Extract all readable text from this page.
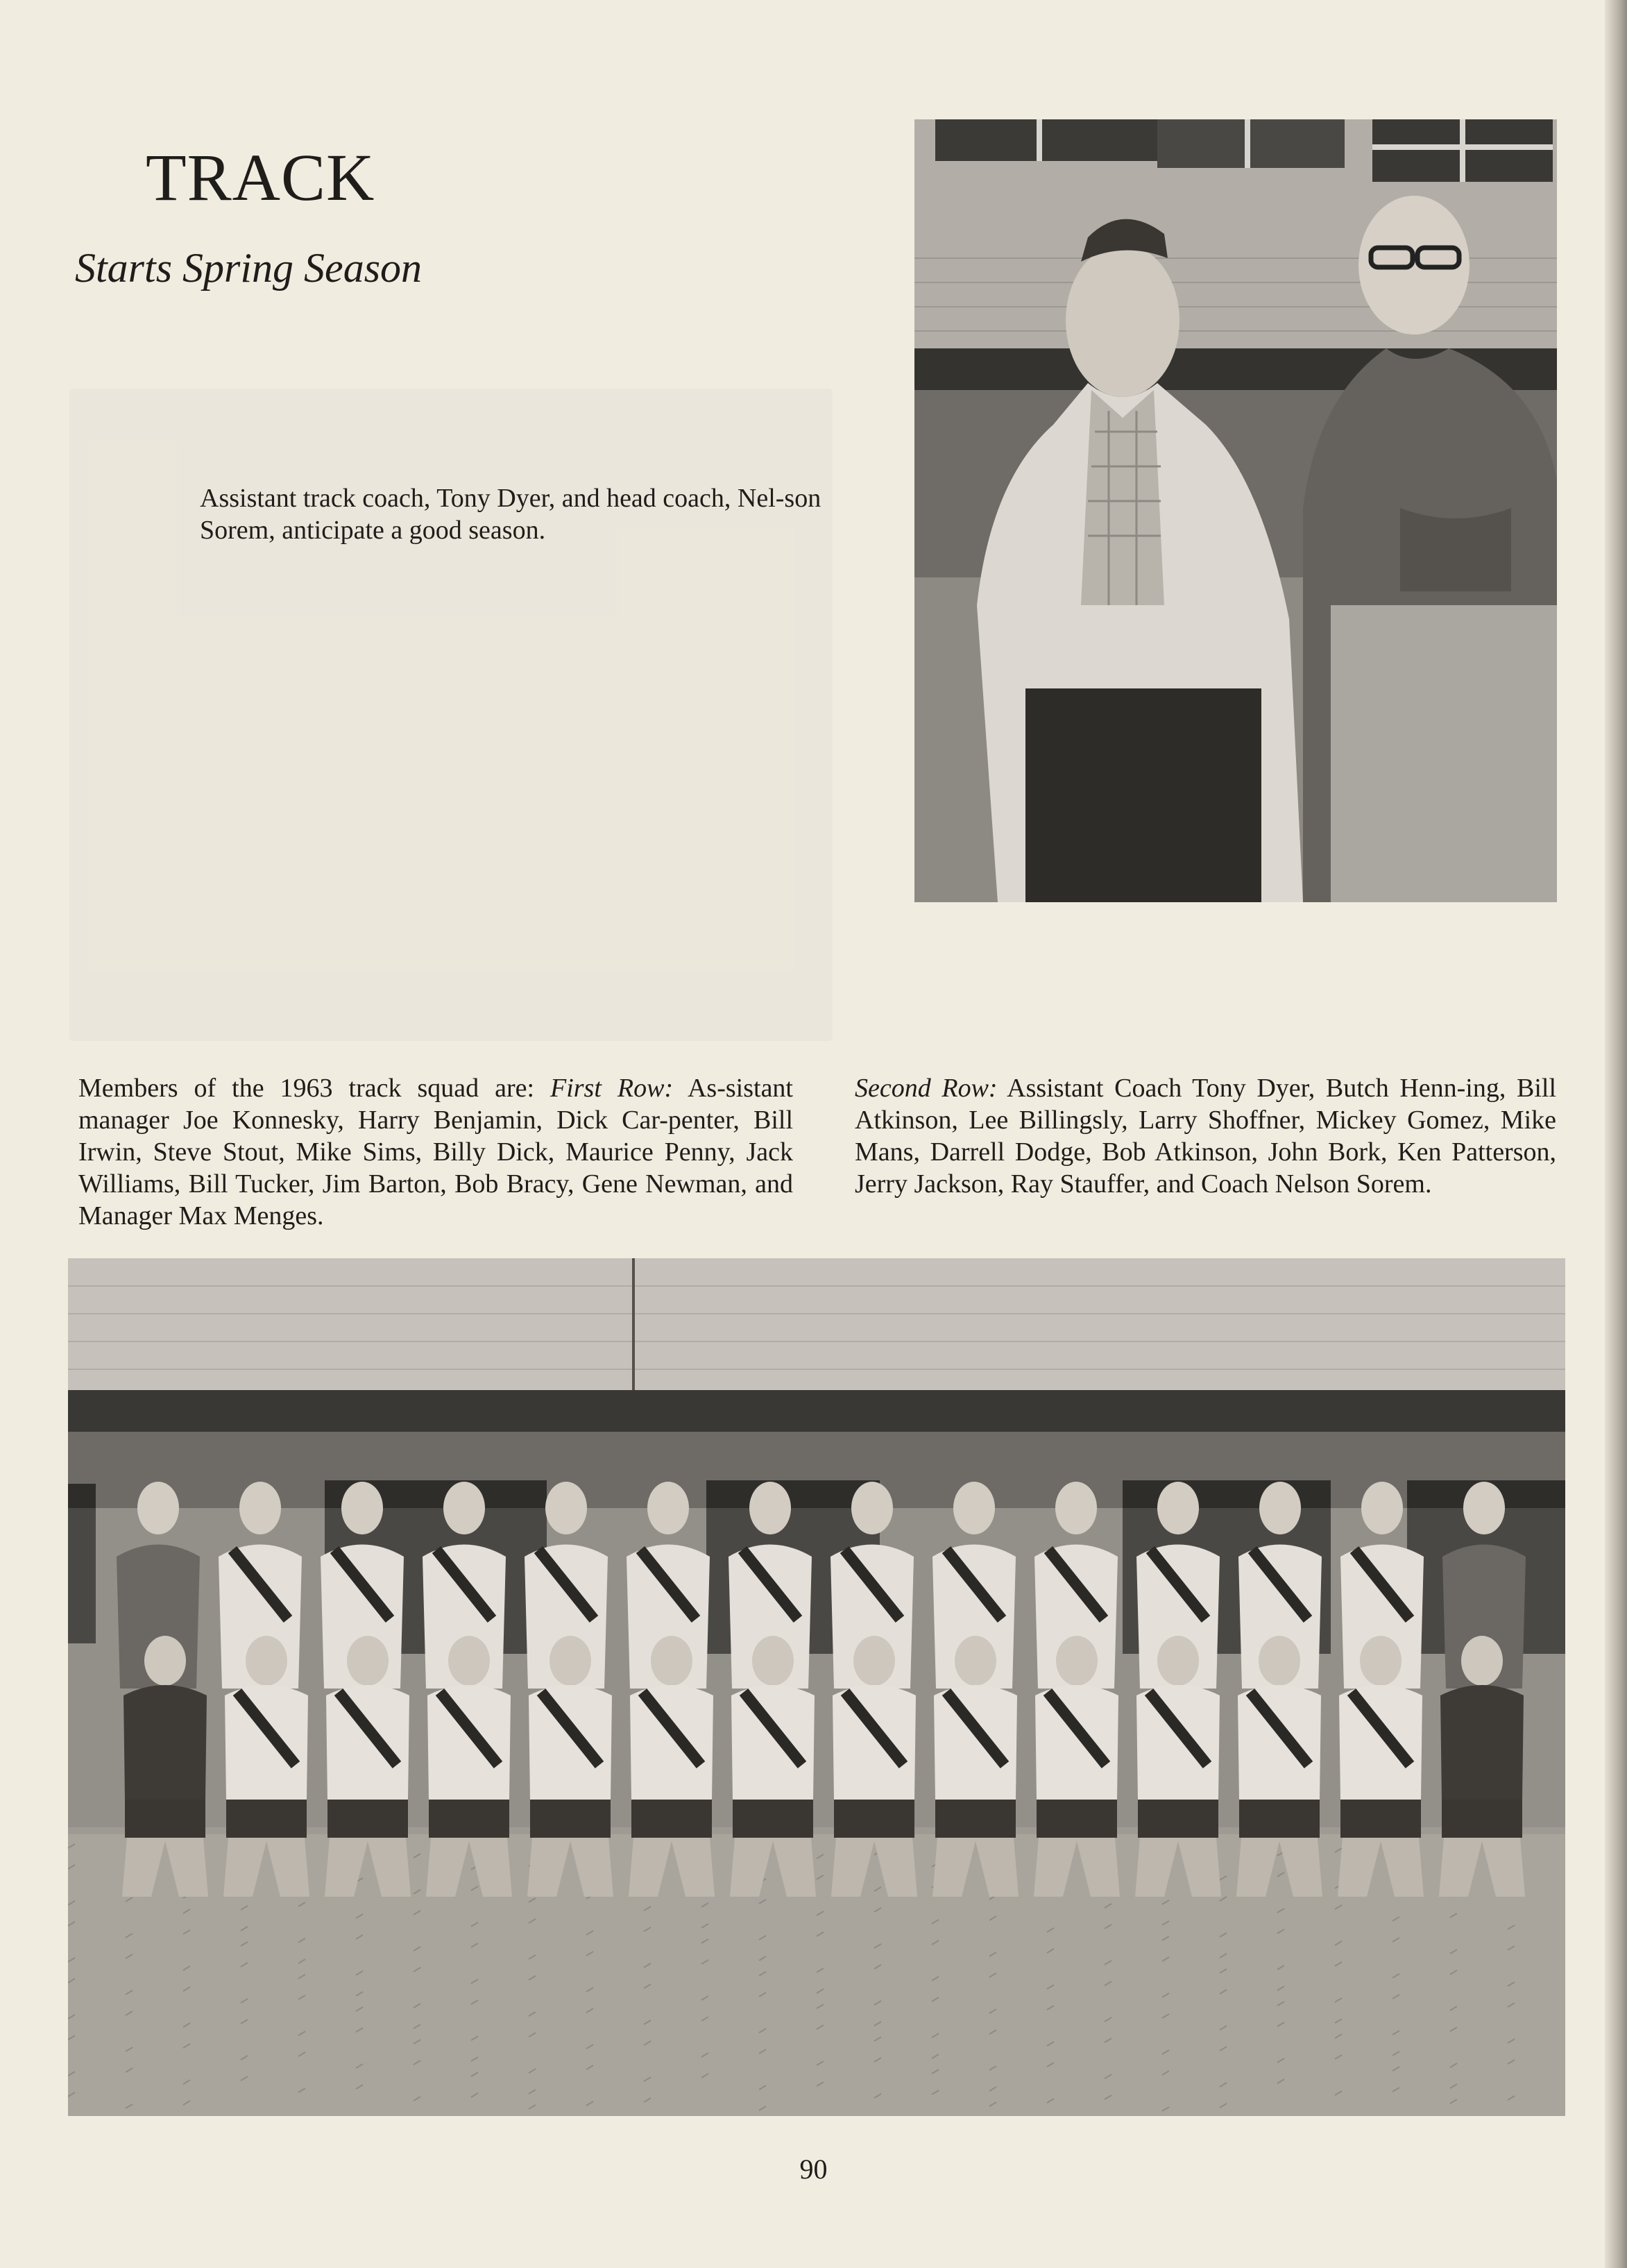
TRACK
Starts Spring Season

Assistant track coach, Tony Dyer, and head coach, Nel-son Sorem, anticipate a good season.

Members of the 1963 track squad are: First Row: As-sistant manager Joe Konnesky, Harry Benjamin, Dick Car-penter, Bill Irwin, Steve Stout, Mike Sims, Billy Dick, Maurice Penny, Jack Williams, Bill Tucker, Jim Barton, Bob Bracy, Gene Newman, and Manager Max Menges.

Second Row: Assistant Coach Tony Dyer, Butch Henn-ing, Bill Atkinson, Lee Billingsly, Larry Shoffner, Mickey Gomez, Mike Mans, Darrell Dodge, Bob Atkinson, John Bork, Ken Patterson, Jerry Jackson, Ray Stauffer, and Coach Nelson Sorem.

90
